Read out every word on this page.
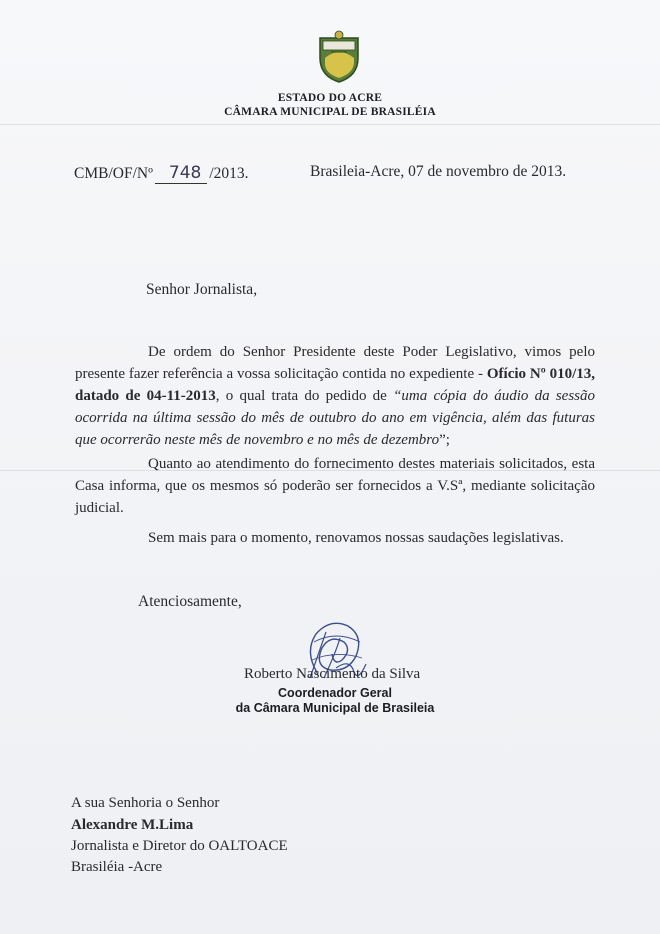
ESTADO DO ACRE
CÂMARA MUNICIPAL DE BRASILÉIA
CMB/OF/Nº 748 /2013.	Brasileia-Acre, 07 de novembro de 2013.
Senhor Jornalista,

De ordem do Senhor Presidente deste Poder Legislativo, vimos pelo presente fazer referência a vossa solicitação contida no expediente - Ofício Nº 010/13, datado de 04-11-2013, o qual trata do pedido de “uma cópia do áudio da sessão ocorrida na última sessão do mês de outubro do ano em vigência, além das futuras que ocorrerão neste mês de novembro e no mês de dezembro”;

Quanto ao atendimento do fornecimento destes materiais solicitados, esta Casa informa, que os mesmos só poderão ser fornecidos a V.Sª, mediante solicitação judicial.

Sem mais para o momento, renovamos nossas saudações legislativas.

Atenciosamente,
Roberto Nascimento da Silva
Coordenador Geral
da Câmara Municipal de Brasileia
A sua Senhoria o Senhor
Alexandre M.Lima
Jornalista e Diretor do OALTOACE
Brasiléia -Acre
